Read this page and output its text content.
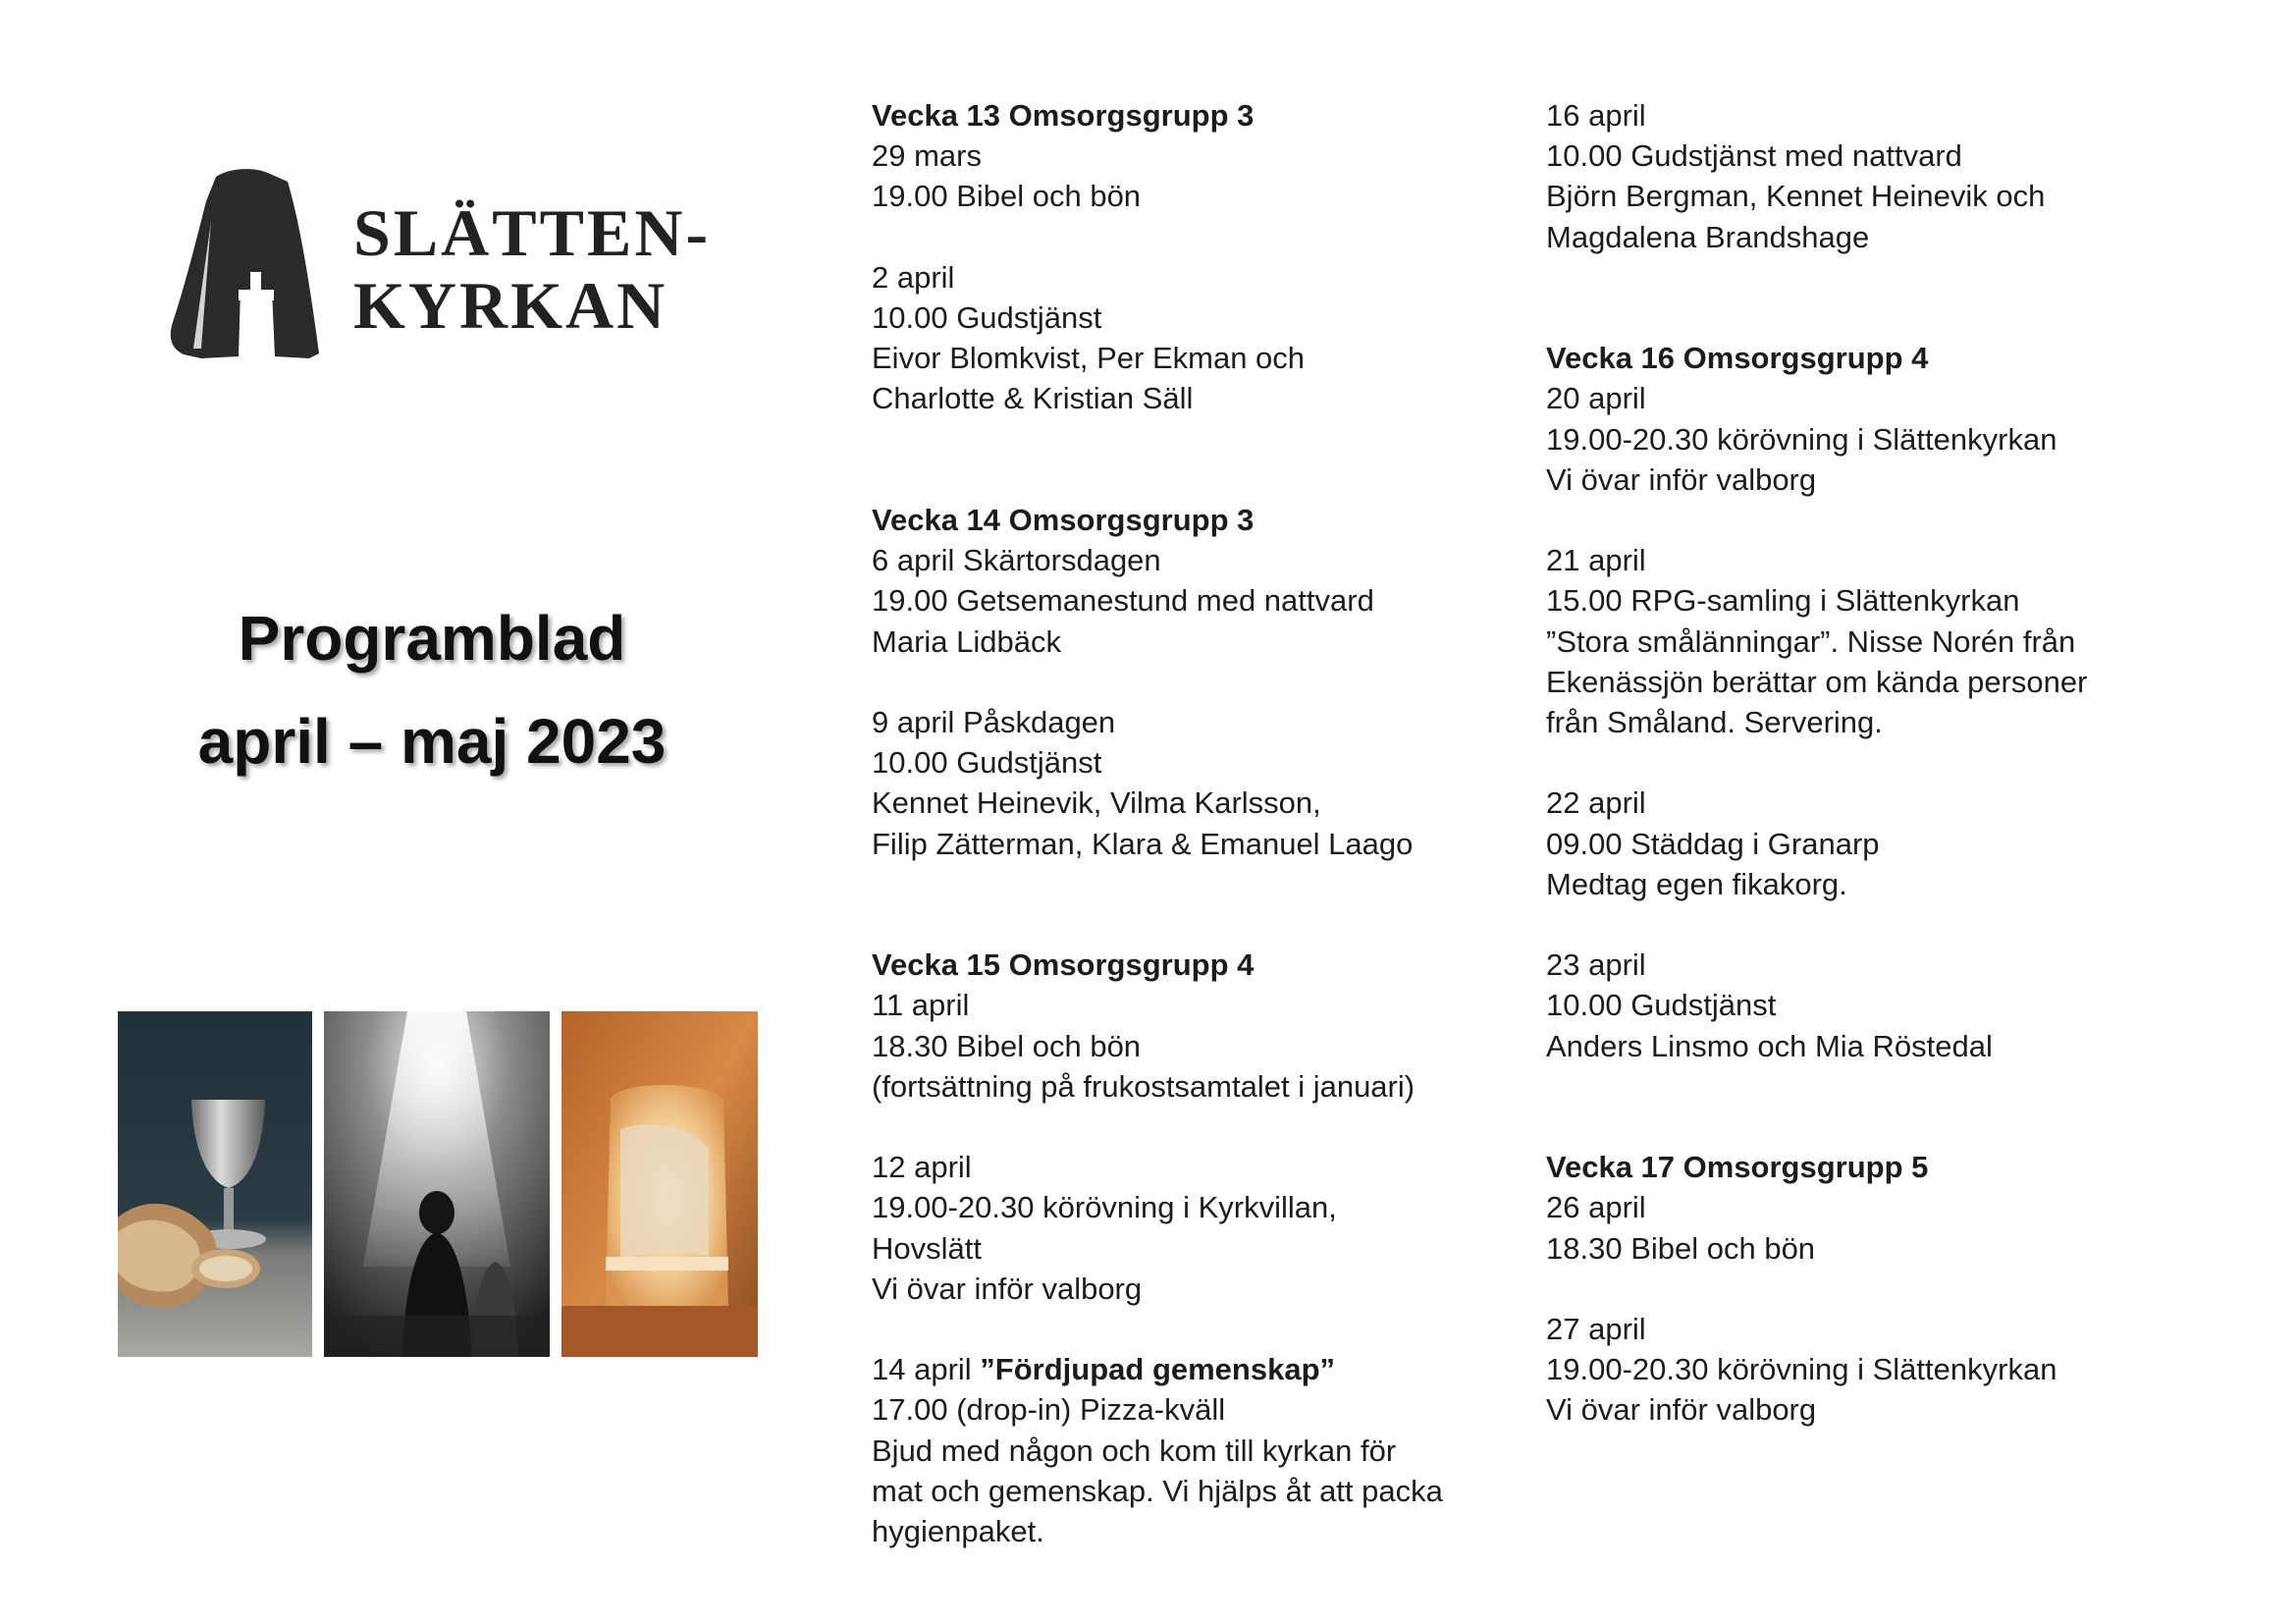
SLÄTTEN-
KYRKAN
Programblad
april – maj 2023
Vecka 13 Omsorgsgrupp 3
29 mars
19.00 Bibel och bön
2 april
10.00 Gudstjänst
Eivor Blomkvist, Per Ekman och
Charlotte & Kristian Säll
Vecka 14 Omsorgsgrupp 3
6 april Skärtorsdagen
19.00 Getsemanestund med nattvard
Maria Lidbäck
9 april Påskdagen
10.00 Gudstjänst
Kennet Heinevik, Vilma Karlsson,
Filip Zätterman, Klara & Emanuel Laago
Vecka 15 Omsorgsgrupp 4
11 april
18.30 Bibel och bön
(fortsättning på frukostsamtalet i januari)
12 april
19.00-20.30 körövning i Kyrkvillan,
Hovslätt
Vi övar inför valborg
14 april ”Fördjupad gemenskap”
17.00 (drop-in) Pizza-kväll
Bjud med någon och kom till kyrkan för
mat och gemenskap. Vi hjälps åt att packa
hygienpaket.
16 april
10.00 Gudstjänst med nattvard
Björn Bergman, Kennet Heinevik och
Magdalena Brandshage
Vecka 16 Omsorgsgrupp 4
20 april
19.00-20.30 körövning i Slättenkyrkan
Vi övar inför valborg
21 april
15.00 RPG-samling i Slättenkyrkan
”Stora smålänningar”. Nisse Norén från
Ekenässjön berättar om kända personer
från Småland. Servering.
22 april
09.00 Städdag i Granarp
Medtag egen fikakorg.
23 april
10.00 Gudstjänst
Anders Linsmo och Mia Röstedal
Vecka 17 Omsorgsgrupp 5
26 april
18.30 Bibel och bön
27 april
19.00-20.30 körövning i Slättenkyrkan
Vi övar inför valborg
